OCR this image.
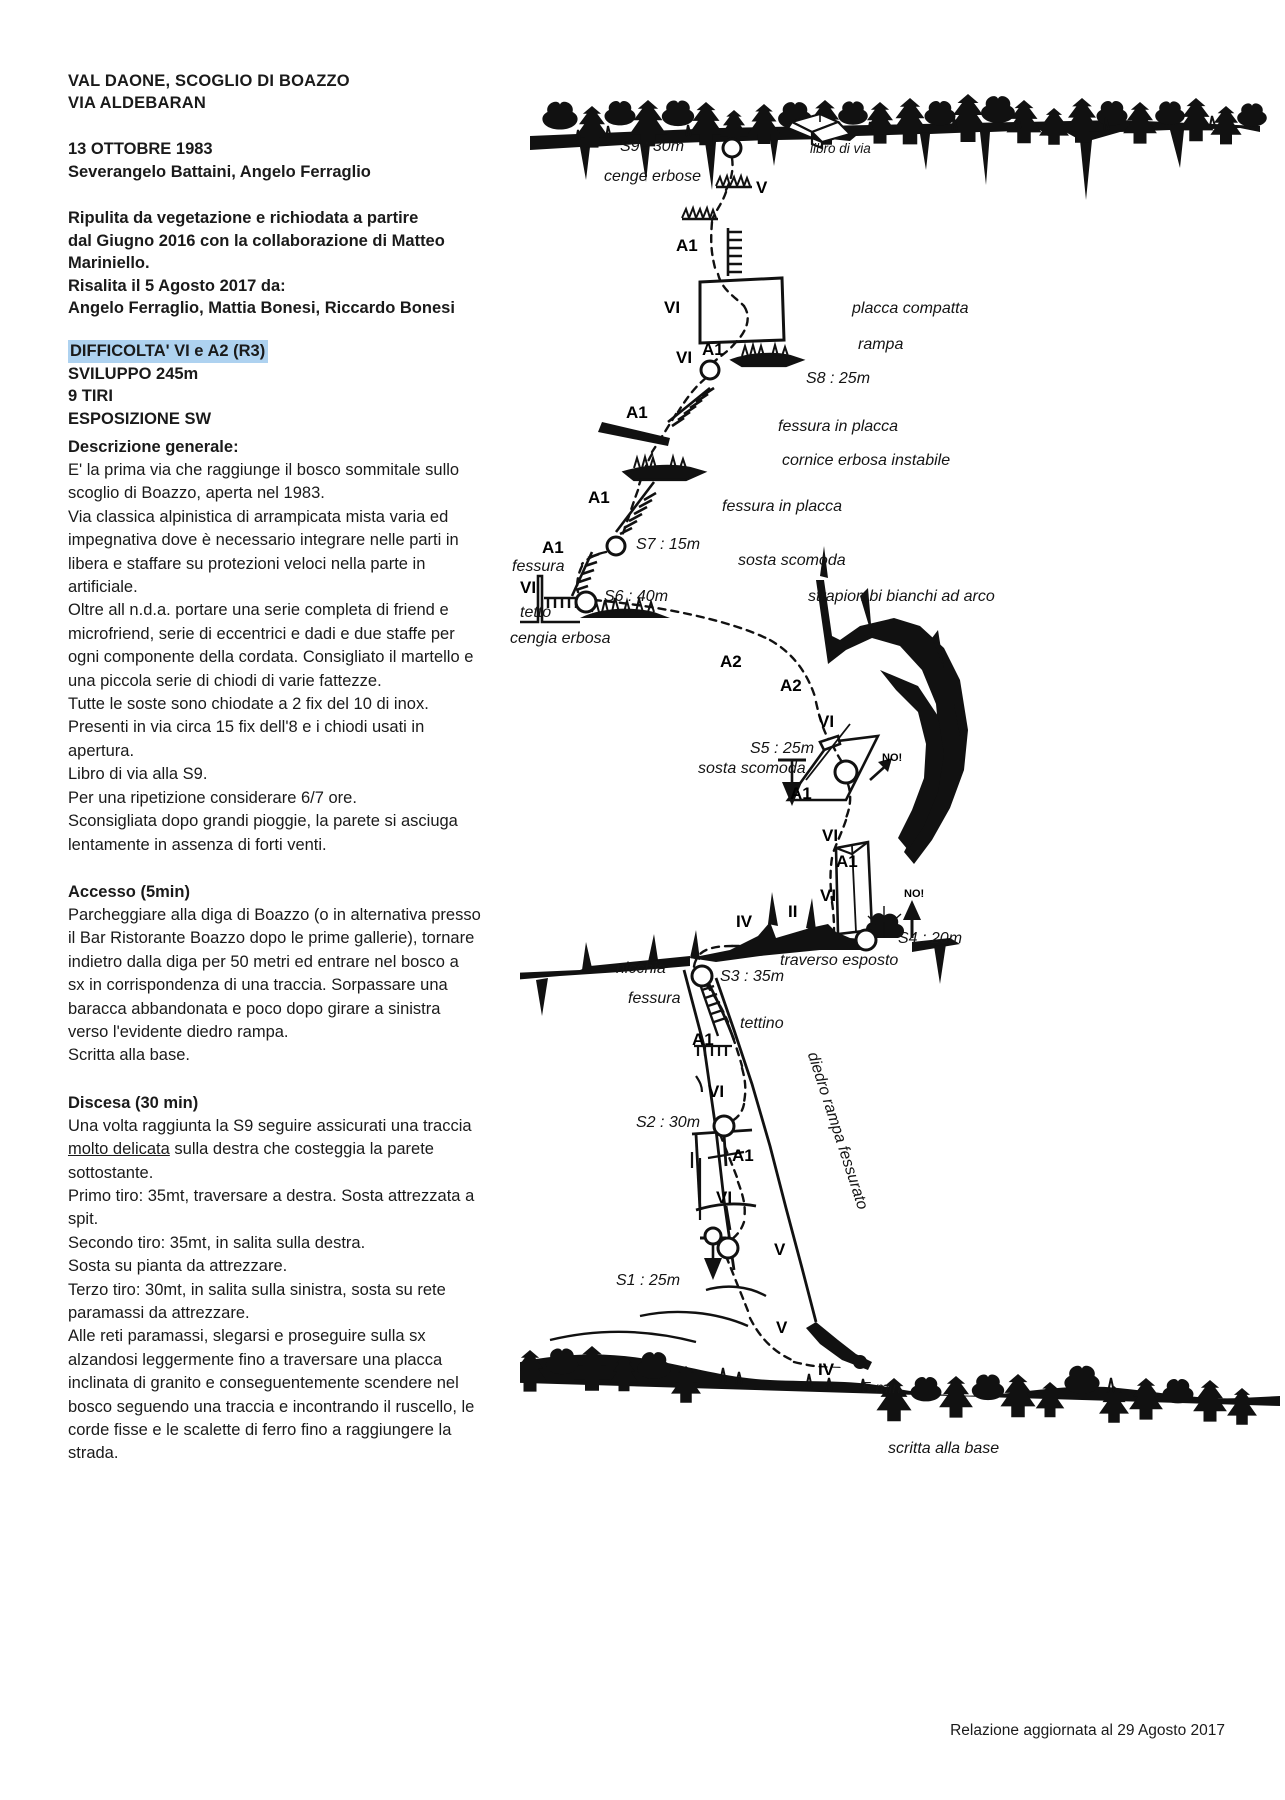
VAL DAONE, SCOGLIO DI BOAZZO
VIA ALDEBARAN
13 OTTOBRE 1983
Severangelo Battaini, Angelo Ferraglio
Ripulita da vegetazione e richiodata a partire
dal Giugno 2016 con la collaborazione di Matteo
Mariniello.
Risalita il 5 Agosto 2017 da:
Angelo Ferraglio, Mattia Bonesi, Riccardo Bonesi
DIFFICOLTA' VI e A2 (R3)
SVILUPPO 245m
9 TIRI
ESPOSIZIONE SW
Descrizione generale:
E' la prima via che raggiunge il bosco sommitale sullo
scoglio di Boazzo, aperta nel 1983.
Via classica alpinistica di arrampicata mista varia ed
impegnativa dove è necessario integrare nelle parti in
libera e staffare su protezioni veloci nella parte in
artificiale.
Oltre all n.d.a. portare una serie completa di friend e
microfriend, serie di eccentrici e dadi e due staffe per
ogni componente della cordata. Consigliato il martello e
una piccola serie di chiodi di varie fattezze.
Tutte le soste sono chiodate a 2 fix del 10 di inox.
Presenti in via circa 15 fix dell'8 e i chiodi usati in
apertura.
Libro di via alla S9.
Per una ripetizione considerare 6/7 ore.
Sconsigliata dopo grandi pioggie, la parete si asciuga
lentamente in assenza di forti venti.
Accesso (5min)
Parcheggiare alla diga di Boazzo (o in alternativa presso
il Bar Ristorante Boazzo dopo le prime gallerie), tornare
indietro dalla diga per 50 metri ed entrare nel bosco a
sx in corrispondenza di una traccia. Sorpassare una
baracca abbandonata e poco dopo girare a sinistra
verso l'evidente diedro rampa.
Scritta alla base.
Discesa (30 min)
Una volta raggiunta la S9 seguire assicurati una traccia
molto delicata sulla destra che costeggia la parete
sottostante.
Primo tiro: 35mt, traversare a destra. Sosta attrezzata a
spit.
Secondo tiro: 35mt, in salita sulla destra.
Sosta su pianta da attrezzare.
Terzo tiro: 30mt, in salita sulla sinistra, sosta su rete
paramassi da attrezzare.
Alle reti paramassi, slegarsi e proseguire sulla sx
alzandosi leggermente fino a traversare una placca
inclinata di granito e conseguentemente scendere nel
bosco seguendo una traccia e incontrando il ruscello, le
corde fisse e le scalette di ferro fino a raggiungere la
strada.
S9 : 30m	libro di via
cenge erbose
V
A1
VI	placca compatta
A1	rampa
VI
S8 : 25m
A1
fessura in placca
cornice erbosa instabile
A1	fessura in placca
S7 : 15m
sosta scomoda
A1
fessura
VI	S6 : 40m
tetto
cengia erbosa
strapiombi bianchi ad arco
A2
A2
VI
S5 : 25m
sosta scomoda
NO!
A1
VI
A1
VI	NO!
IV
II
S4 : 20m
traverso esposto
nicchia	S3 : 35m
fessura
tettino
A1
VI
S2 : 30m
A1
VI
V
S1 : 25m
V
IV
diedro rampa fessurato
5 min
scritta alla base
Relazione aggiornata al 29 Agosto 2017
